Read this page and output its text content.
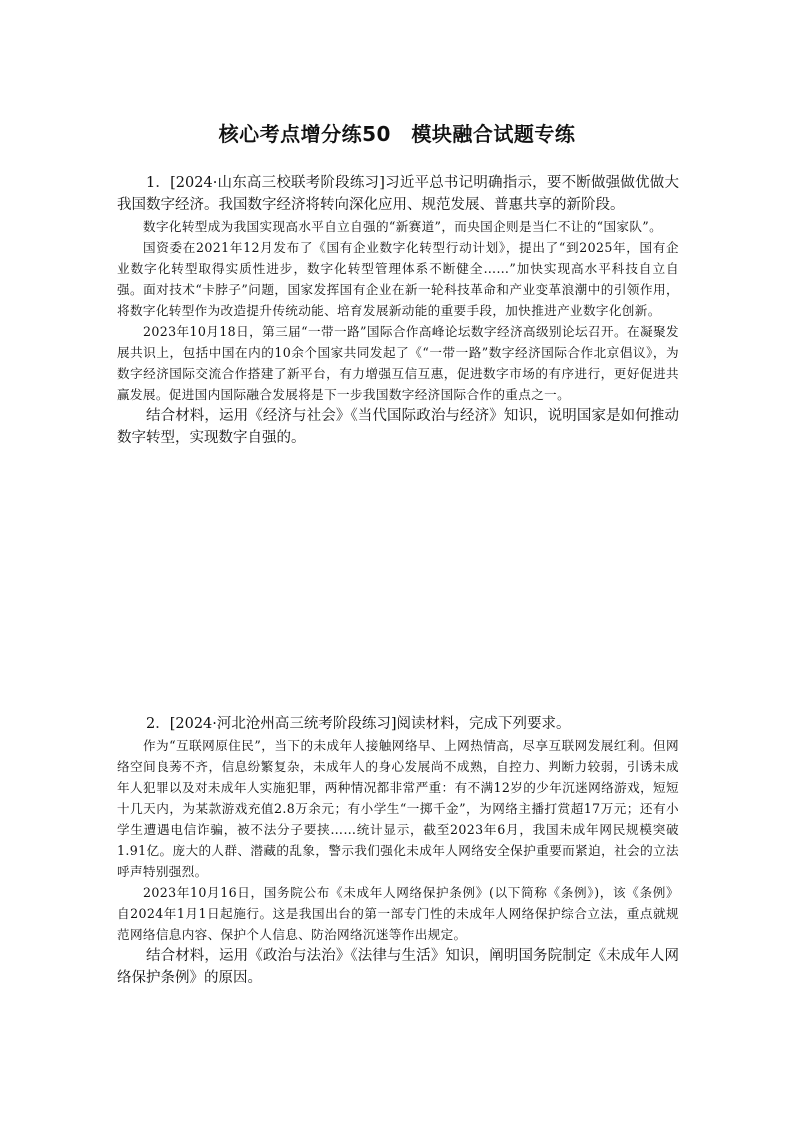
核心考点增分练50　模块融合试题专练

1．[2024·山东高三校联考阶段练习]习近平总书记明确指示，要不断做强做优做大我国数字经济。我国数字经济将转向深化应用、规范发展、普惠共享的新阶段。

数字化转型成为我国实现高水平自立自强的“新赛道”，而央国企则是当仁不让的“国家队”。

国资委在2021年12月发布了《国有企业数字化转型行动计划》，提出了“到2025年，国有企业数字化转型取得实质性进步，数字化转型管理体系不断健全……”加快实现高水平科技自立自强。面对技术“卡脖子”问题，国家发挥国有企业在新一轮科技革命和产业变革浪潮中的引领作用，将数字化转型作为改造提升传统动能、培育发展新动能的重要手段，加快推进产业数字化创新。

2023年10月18日，第三届“一带一路”国际合作高峰论坛数字经济高级别论坛召开。在凝聚发展共识上，包括中国在内的10余个国家共同发起了《“一带一路”数字经济国际合作北京倡议》，为数字经济国际交流合作搭建了新平台，有力增强互信互惠，促进数字市场的有序进行，更好促进共赢发展。促进国内国际融合发展将是下一步我国数字经济国际合作的重点之一。

结合材料，运用《经济与社会》《当代国际政治与经济》知识，说明国家是如何推动数字转型，实现数字自强的。

2．[2024·河北沧州高三统考阶段练习]阅读材料，完成下列要求。

作为“互联网原住民”，当下的未成年人接触网络早、上网热情高，尽享互联网发展红利。但网络空间良莠不齐，信息纷繁复杂，未成年人的身心发展尚不成熟，自控力、判断力较弱，引诱未成年人犯罪以及对未成年人实施犯罪，两种情况都非常严重：有不满12岁的少年沉迷网络游戏，短短十几天内，为某款游戏充值2.8万余元；有小学生“一掷千金”，为网络主播打赏超17万元；还有小学生遭遇电信诈骗，被不法分子要挟……统计显示，截至2023年6月，我国未成年网民规模突破1.91亿。庞大的人群、潜藏的乱象，警示我们强化未成年人网络安全保护重要而紧迫，社会的立法呼声特别强烈。

2023年10月16日，国务院公布《未成年人网络保护条例》(以下简称《条例》)，该《条例》自2024年1月1日起施行。这是我国出台的第一部专门性的未成年人网络保护综合立法，重点就规范网络信息内容、保护个人信息、防治网络沉迷等作出规定。

结合材料，运用《政治与法治》《法律与生活》知识，阐明国务院制定《未成年人网络保护条例》的原因。
